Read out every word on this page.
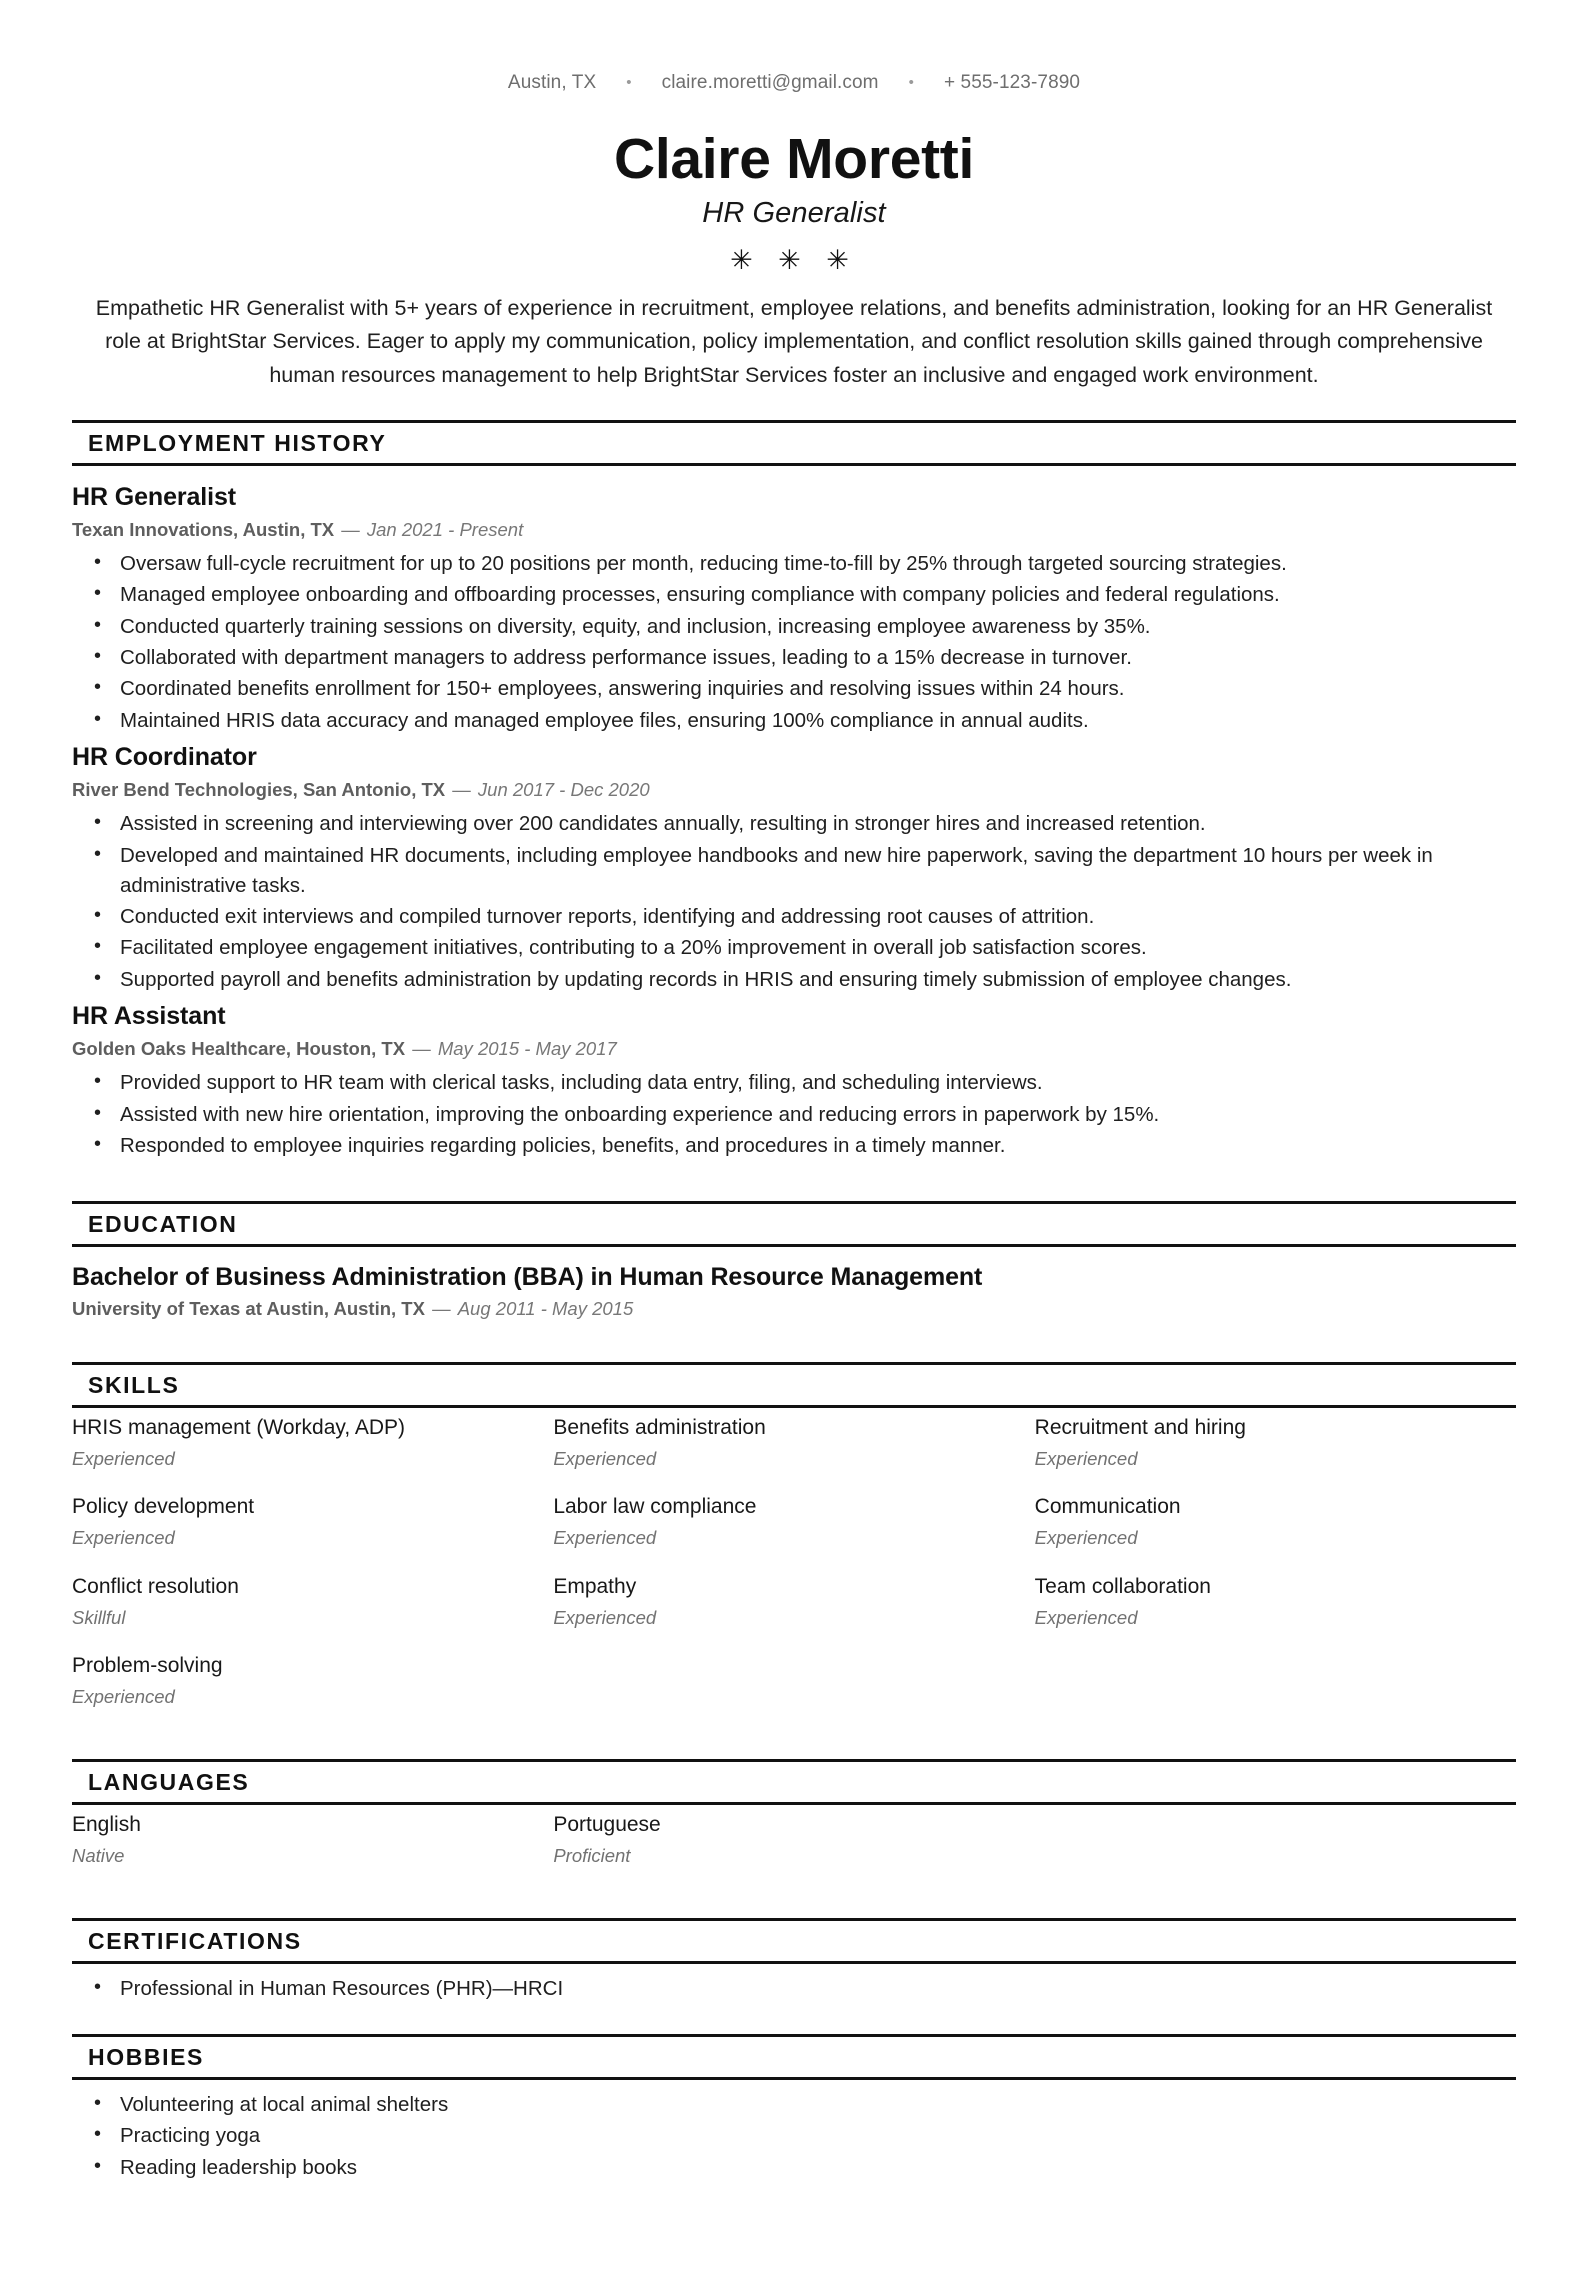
Austin, TX	•	claire.moretti@gmail.com	•	+ 555-123-7890
Claire Moretti
HR Generalist
✳ ✳ ✳

Empathetic HR Generalist with 5+ years of experience in recruitment, employee relations, and benefits administration, looking for an HR Generalist role at BrightStar Services. Eager to apply my communication, policy implementation, and conflict resolution skills gained through comprehensive human resources management to help BrightStar Services foster an inclusive and engaged work environment.

EMPLOYMENT HISTORY
HR Generalist
Texan Innovations, Austin, TX — Jan 2021 - Present
• Oversaw full-cycle recruitment for up to 20 positions per month, reducing time-to-fill by 25% through targeted sourcing strategies.
• Managed employee onboarding and offboarding processes, ensuring compliance with company policies and federal regulations.
• Conducted quarterly training sessions on diversity, equity, and inclusion, increasing employee awareness by 35%.
• Collaborated with department managers to address performance issues, leading to a 15% decrease in turnover.
• Coordinated benefits enrollment for 150+ employees, answering inquiries and resolving issues within 24 hours.
• Maintained HRIS data accuracy and managed employee files, ensuring 100% compliance in annual audits.
HR Coordinator
River Bend Technologies, San Antonio, TX — Jun 2017 - Dec 2020
• Assisted in screening and interviewing over 200 candidates annually, resulting in stronger hires and increased retention.
• Developed and maintained HR documents, including employee handbooks and new hire paperwork, saving the department 10 hours per week in administrative tasks.
• Conducted exit interviews and compiled turnover reports, identifying and addressing root causes of attrition.
• Facilitated employee engagement initiatives, contributing to a 20% improvement in overall job satisfaction scores.
• Supported payroll and benefits administration by updating records in HRIS and ensuring timely submission of employee changes.
HR Assistant
Golden Oaks Healthcare, Houston, TX — May 2015 - May 2017
• Provided support to HR team with clerical tasks, including data entry, filing, and scheduling interviews.
• Assisted with new hire orientation, improving the onboarding experience and reducing errors in paperwork by 15%.
• Responded to employee inquiries regarding policies, benefits, and procedures in a timely manner.
EDUCATION
Bachelor of Business Administration (BBA) in Human Resource Management
University of Texas at Austin, Austin, TX — Aug 2011 - May 2015
SKILLS
HRIS management (Workday, ADP)
Experienced
Benefits administration
Experienced
Recruitment and hiring
Experienced
Policy development
Experienced
Labor law compliance
Experienced
Communication
Experienced
Conflict resolution
Skillful
Empathy
Experienced
Team collaboration
Experienced
Problem-solving
Experienced
LANGUAGES
English
Native
Portuguese
Proficient
CERTIFICATIONS
• Professional in Human Resources (PHR)—HRCI
HOBBIES
• Volunteering at local animal shelters
• Practicing yoga
• Reading leadership books
